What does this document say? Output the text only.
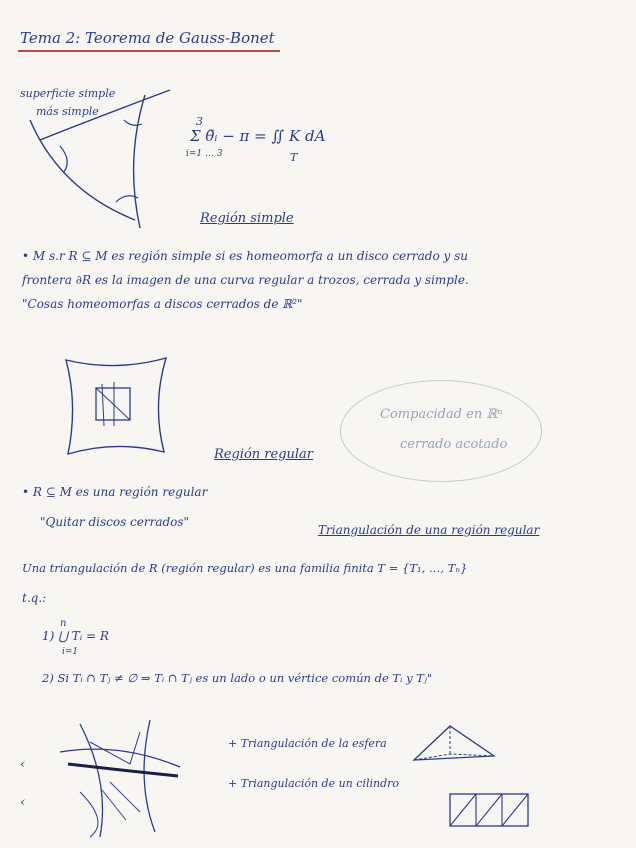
Tema 2: Teorema de Gauss-Bonet
superficie simple
más simple
3
Σ θ̃ᵢ − π = ∬ K dA
i=1 … 3	T
Región simple
• M s.r R ⊆ M es región simple si es homeomorfa a un disco cerrado y su
frontera ∂R es la imagen de una curva regular a trozos, cerrada y simple.
"Cosas homeomorfas a discos cerrados de ℝ²"
Compacidad en ℝⁿ
cerrado acotado
Región regular
• R ⊆ M es una región regular
"Quitar discos cerrados"
Triangulación de una región regular
Una triangulación de R (región regular) es una familia finita T = {T₁, …, Tₙ}
t.q.:
n
1) ⋃ Tᵢ = R
i=1
2) Si Tᵢ ∩ Tⱼ ≠ ∅ ⇒ Tᵢ ∩ Tⱼ es un lado o un vértice común de Tᵢ y Tⱼ"
‹
‹
+ Triangulación de la esfera
+ Triangulación de un cilindro
